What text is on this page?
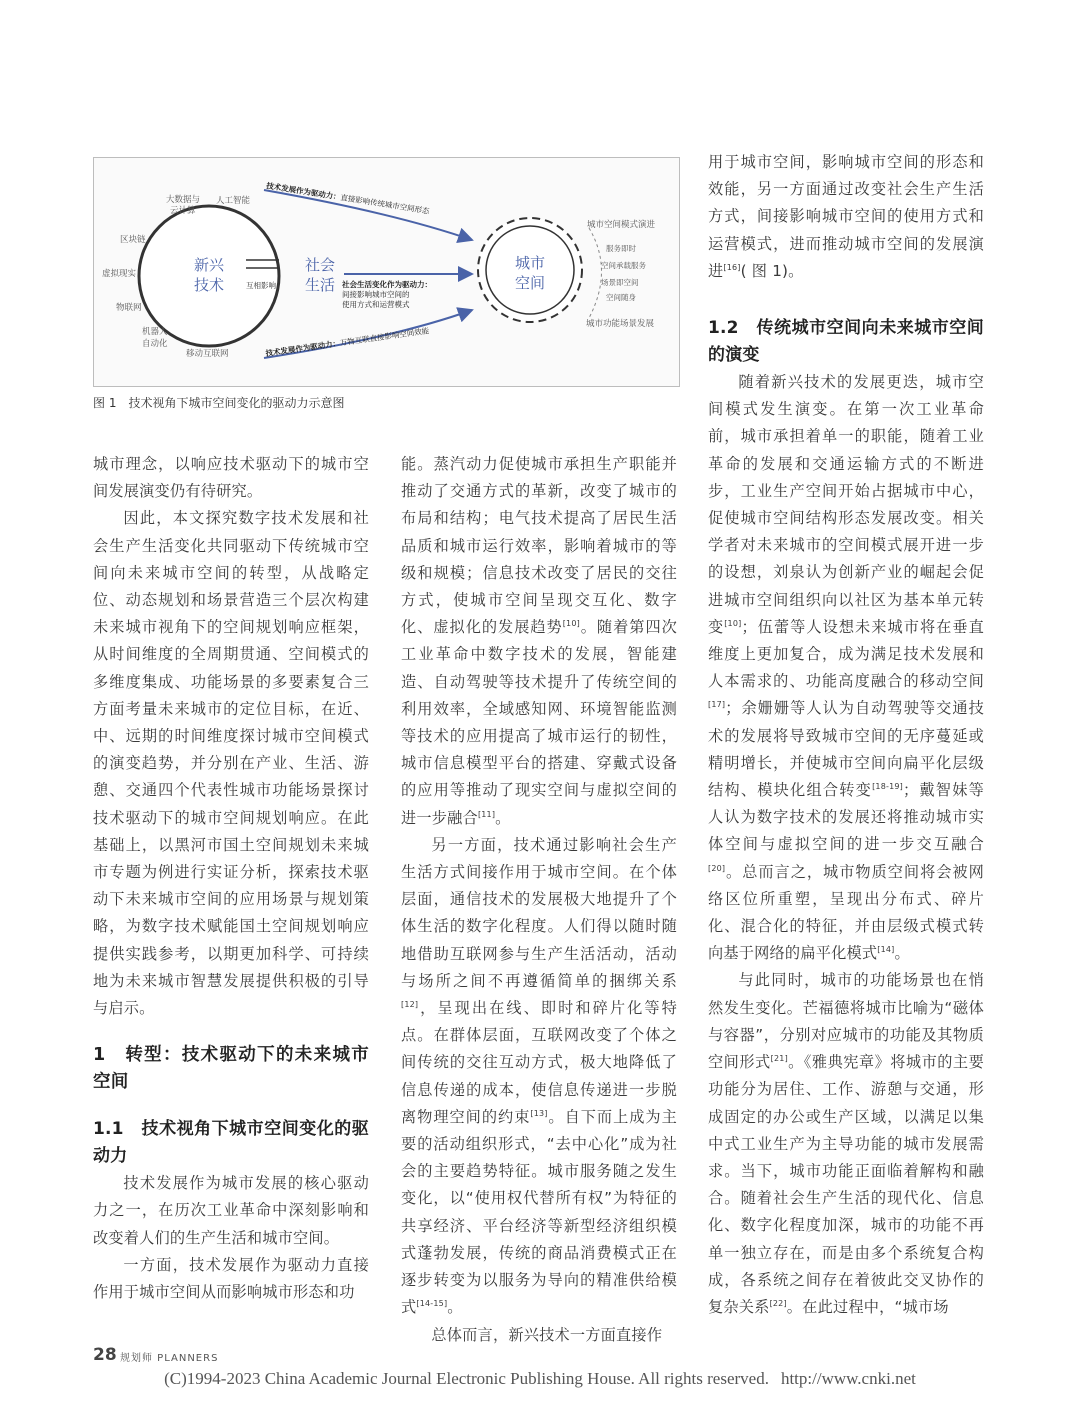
新兴
技术
大数据与
云计算
人工智能
区块链
虚拟现实
物联网
机器人
自动化
移动互联网
互相影响
社会
生活
技术发展作为驱动力：直接影响传统城市空间形态
社会生活变化作为驱动力：
间接影响城市空间的
使用方式和运营模式
技术发展作为驱动力：万物互联直接影响空间效能
城市
空间
城市空间模式演进
服务即时
空间承载服务
场景即空间
空间随身
城市功能场景发展
图 1　技术视角下城市空间变化的驱动力示意图

城市理念，以响应技术驱动下的城市空间发展演变仍有待研究。

因此，本文探究数字技术发展和社会生产生活变化共同驱动下传统城市空间向未来城市空间的转型，从战略定位、动态规划和场景营造三个层次构建未来城市视角下的空间规划响应框架，从时间维度的全周期贯通、空间模式的多维度集成、功能场景的多要素复合三方面考量未来城市的定位目标，在近、中、远期的时间维度探讨城市空间模式的演变趋势，并分别在产业、生活、游憩、交通四个代表性城市功能场景探讨技术驱动下的城市空间规划响应。在此基础上，以黑河市国土空间规划未来城市专题为例进行实证分析，探索技术驱动下未来城市空间的应用场景与规划策略，为数字技术赋能国土空间规划响应提供实践参考，以期更加科学、可持续地为未来城市智慧发展提供积极的引导与启示。

1　转型：技术驱动下的未来城市空间

1.1　技术视角下城市空间变化的驱动力

技术发展作为城市发展的核心驱动力之一，在历次工业革命中深刻影响和改变着人们的生产生活和城市空间。

一方面，技术发展作为驱动力直接作用于城市空间从而影响城市形态和功

能。蒸汽动力促使城市承担生产职能并推动了交通方式的革新，改变了城市的布局和结构；电气技术提高了居民生活品质和城市运行效率，影响着城市的等级和规模；信息技术改变了居民的交往方式，使城市空间呈现交互化、数字化、虚拟化的发展趋势[10]。随着第四次工业革命中数字技术的发展，智能建造、自动驾驶等技术提升了传统空间的利用效率，全域感知网、环境智能监测等技术的应用提高了城市运行的韧性，城市信息模型平台的搭建、穿戴式设备的应用等推动了现实空间与虚拟空间的进一步融合[11]。

另一方面，技术通过影响社会生产生活方式间接作用于城市空间。在个体层面，通信技术的发展极大地提升了个体生活的数字化程度。人们得以随时随地借助互联网参与生产生活活动，活动与场所之间不再遵循简单的捆绑关系[12]，呈现出在线、即时和碎片化等特点。在群体层面，互联网改变了个体之间传统的交往互动方式，极大地降低了信息传递的成本，使信息传递进一步脱离物理空间的约束[13]。自下而上成为主要的活动组织形式，“去中心化”成为社会的主要趋势特征。城市服务随之发生变化，以“使用权代替所有权”为特征的共享经济、平台经济等新型经济组织模式蓬勃发展，传统的商品消费模式正在逐步转变为以服务为导向的精准供给模式[14-15]。

总体而言，新兴技术一方面直接作

用于城市空间，影响城市空间的形态和效能，另一方面通过改变社会生产生活方式，间接影响城市空间的使用方式和运营模式，进而推动城市空间的发展演进[16]( 图 1)。

1.2　传统城市空间向未来城市空间的演变

随着新兴技术的发展更迭，城市空间模式发生演变。在第一次工业革命前，城市承担着单一的职能，随着工业革命的发展和交通运输方式的不断进步，工业生产空间开始占据城市中心，促使城市空间结构形态发展改变。相关学者对未来城市的空间模式展开进一步的设想，刘泉认为创新产业的崛起会促进城市空间组织向以社区为基本单元转变[10]；伍蕾等人设想未来城市将在垂直维度上更加复合，成为满足技术发展和人本需求的、功能高度融合的移动空间[17]；余姗姗等人认为自动驾驶等交通技术的发展将导致城市空间的无序蔓延或精明增长，并使城市空间向扁平化层级结构、模块化组合转变[18-19]；戴智妹等人认为数字技术的发展还将推动城市实体空间与虚拟空间的进一步交互融合[20]。总而言之，城市物质空间将会被网络区位所重塑，呈现出分布式、碎片化、混合化的特征，并由层级式模式转向基于网络的扁平化模式[14]。

与此同时，城市的功能场景也在悄然发生变化。芒福德将城市比喻为“磁体与容器”，分别对应城市的功能及其物质空间形式[21]。《雅典宪章》将城市的主要功能分为居住、工作、游憩与交通，形成固定的办公或生产区域，以满足以集中式工业生产为主导功能的城市发展需求。当下，城市功能正面临着解构和融合。随着社会生产生活的现代化、信息化、数字化程度加深，城市的功能不再单一独立存在，而是由多个系统复合构成，各系统之间存在着彼此交叉协作的复杂关系[22]。在此过程中，“城市场

28 规划师 PLANNERS
(C)1994-2023 China Academic Journal Electronic Publishing House. All rights reserved. http://www.cnki.net
